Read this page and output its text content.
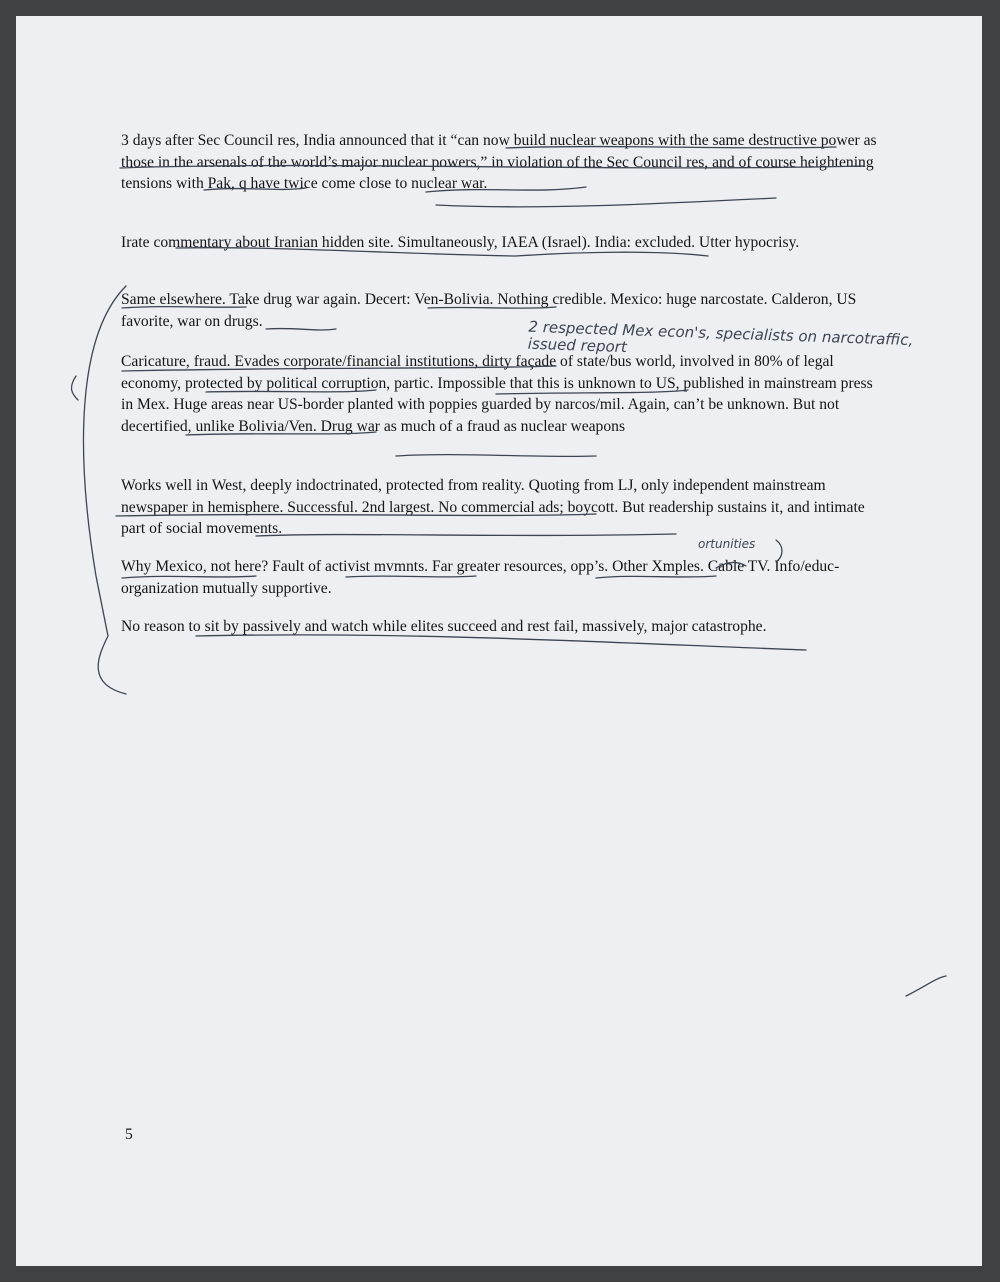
3 days after Sec Council res, India announced that it “can now build nuclear weapons with the same destructive power as those in the arsenals of the world’s major nuclear powers,” in violation of the Sec Council res, and of course heightening tensions with Pak, q have twice come close to nuclear war.

Irate commentary about Iranian hidden site. Simultaneously, IAEA (Israel). India: excluded. Utter hypocrisy.

Same elsewhere. Take drug war again. Decert: Ven-Bolivia. Nothing credible. Mexico: huge narcostate. Calderon, US favorite, war on drugs.

Caricature, fraud. Evades corporate/financial institutions, dirty façade of state/bus world, involved in 80% of legal economy, protected by political corruption, partic. Impossible that this is unknown to US, published in mainstream press in Mex. Huge areas near US-border planted with poppies guarded by narcos/mil. Again, can’t be unknown. But not decertified, unlike Bolivia/Ven. Drug war as much of a fraud as nuclear weapons

Works well in West, deeply indoctrinated, protected from reality. Quoting from LJ, only independent mainstream newspaper in hemisphere. Successful. 2nd largest. No commercial ads; boycott. But readership sustains it, and intimate part of social movements.

Why Mexico, not here? Fault of activist mvmnts. Far greater resources, opp’s. Other Xmples. Cable TV. Info/educ-organization mutually supportive.

No reason to sit by passively and watch while elites succeed and rest fail, massively, major catastrophe.

5

2 respected Mex econ's, specialists on narcotraffic, issued report

ortunities
